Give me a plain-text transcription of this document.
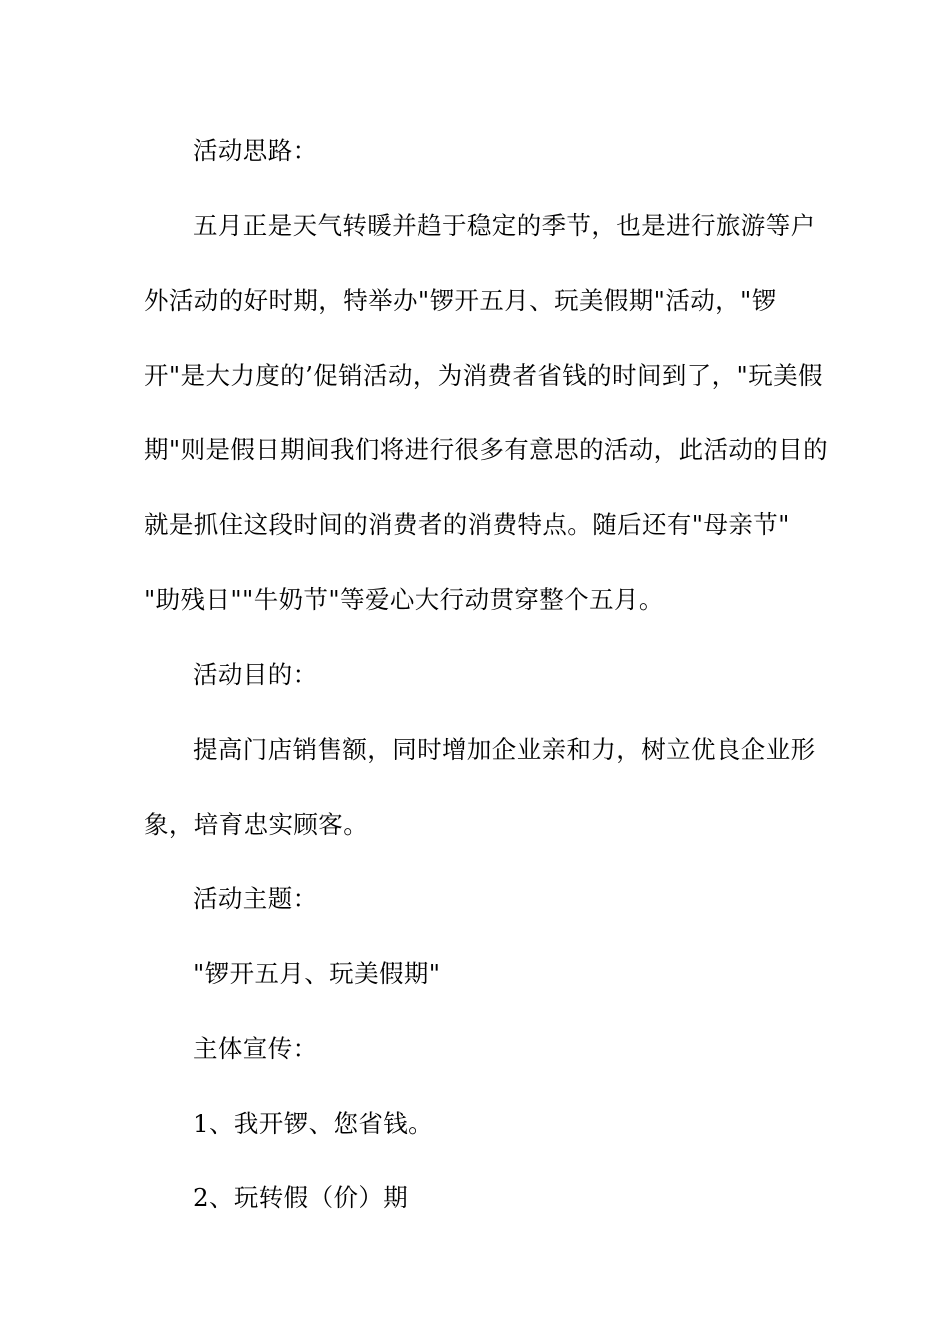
活动思路：
五月正是天气转暖并趋于稳定的季节，也是进行旅游等户
外活动的好时期，特举办"锣开五月、玩美假期"活动，"锣
开"是大力度的’促销活动，为消费者省钱的时间到了，"玩美假
期"则是假日期间我们将进行很多有意思的活动，此活动的目的
就是抓住这段时间的消费者的消费特点。随后还有"母亲节"
"助残日""牛奶节"等爱心大行动贯穿整个五月。
活动目的：
提高门店销售额，同时增加企业亲和力，树立优良企业形
象，培育忠实顾客。
活动主题：
"锣开五月、玩美假期"
主体宣传：
1、我开锣、您省钱。
2、玩转假（价）期
